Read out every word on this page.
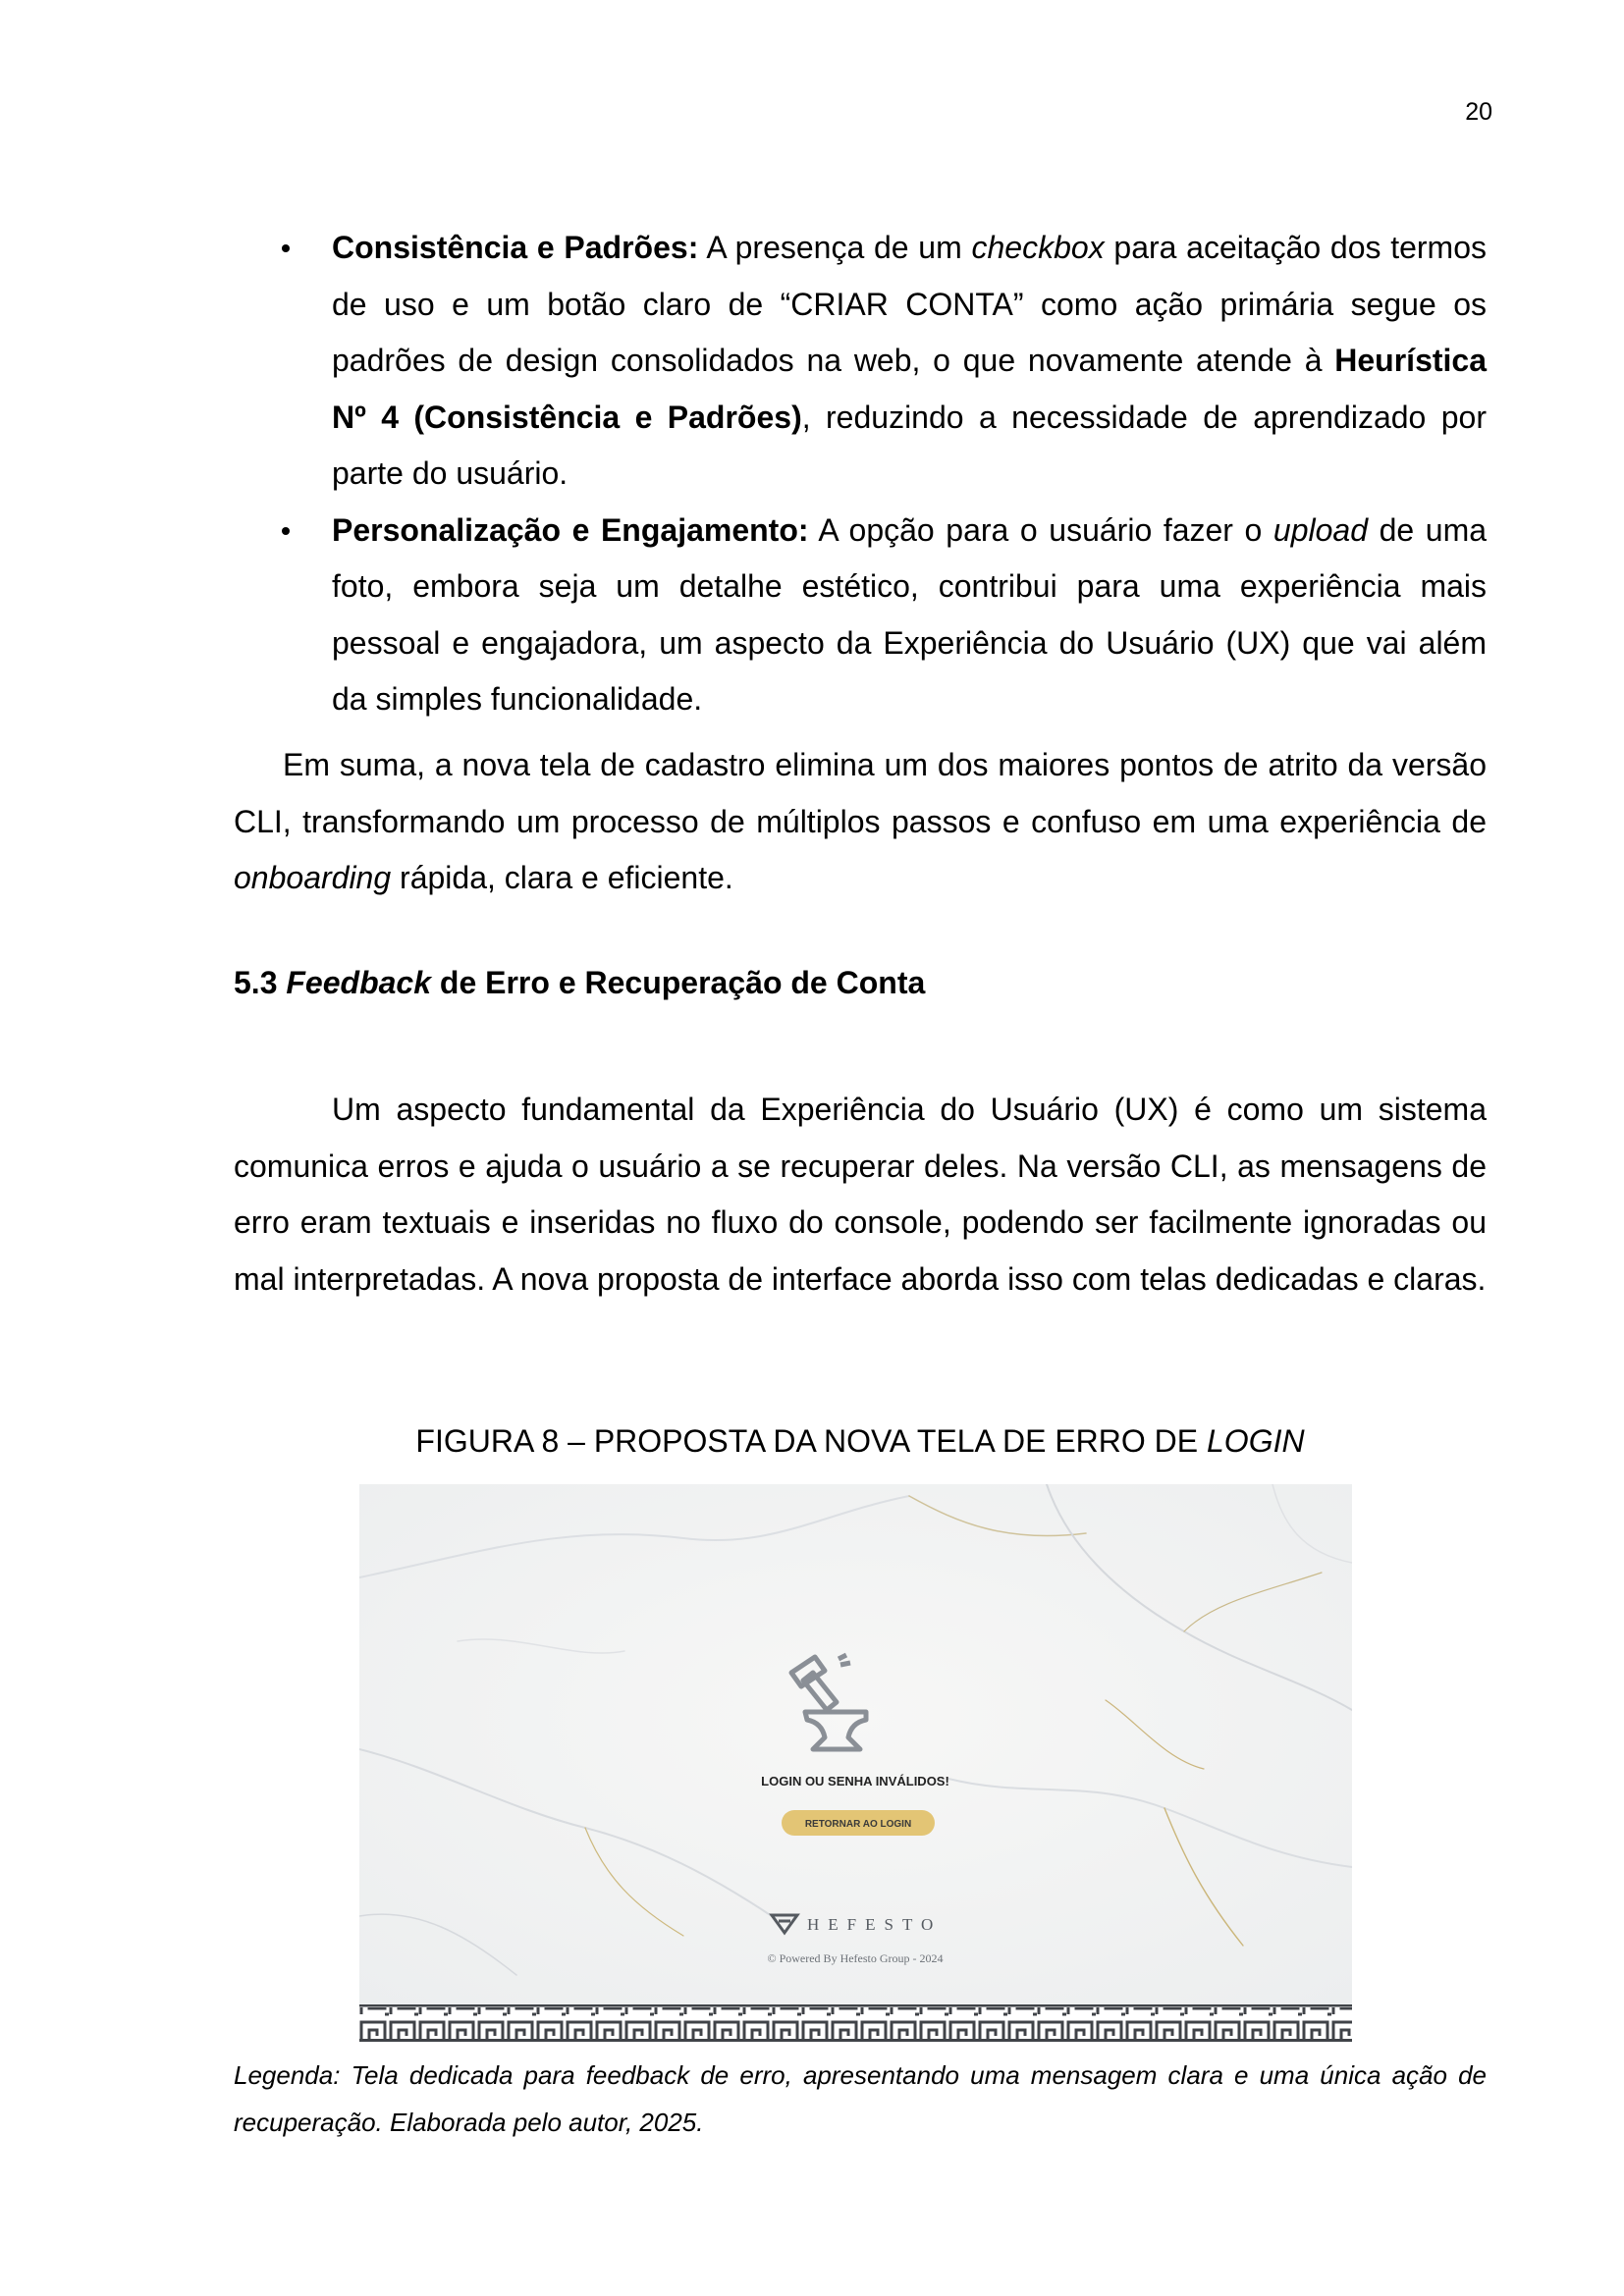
20
Consistência e Padrões: A presença de um checkbox para aceitação dos termos de uso e um botão claro de “CRIAR CONTA” como ação primária segue os padrões de design consolidados na web, o que novamente atende à Heurística Nº 4 (Consistência e Padrões), reduzindo a necessidade de aprendizado por parte do usuário.
Personalização e Engajamento: A opção para o usuário fazer o upload de uma foto, embora seja um detalhe estético, contribui para uma experiência mais pessoal e engajadora, um aspecto da Experiência do Usuário (UX) que vai além da simples funcionalidade.
Em suma, a nova tela de cadastro elimina um dos maiores pontos de atrito da versão CLI, transformando um processo de múltiplos passos e confuso em uma experiência de onboarding rápida, clara e eficiente.
5.3 Feedback de Erro e Recuperação de Conta
Um aspecto fundamental da Experiência do Usuário (UX) é como um sistema comunica erros e ajuda o usuário a se recuperar deles. Na versão CLI, as mensagens de erro eram textuais e inseridas no fluxo do console, podendo ser facilmente ignoradas ou mal interpretadas. A nova proposta de interface aborda isso com telas dedicadas e claras.
FIGURA 8 – PROPOSTA DA NOVA TELA DE ERRO DE LOGIN
LOGIN OU SENHA INVÁLIDOS!
RETORNAR AO LOGIN
HEFESTO
© Powered By Hefesto Group - 2024
Legenda: Tela dedicada para feedback de erro, apresentando uma mensagem clara e uma única ação de recuperação. Elaborada pelo autor, 2025.
